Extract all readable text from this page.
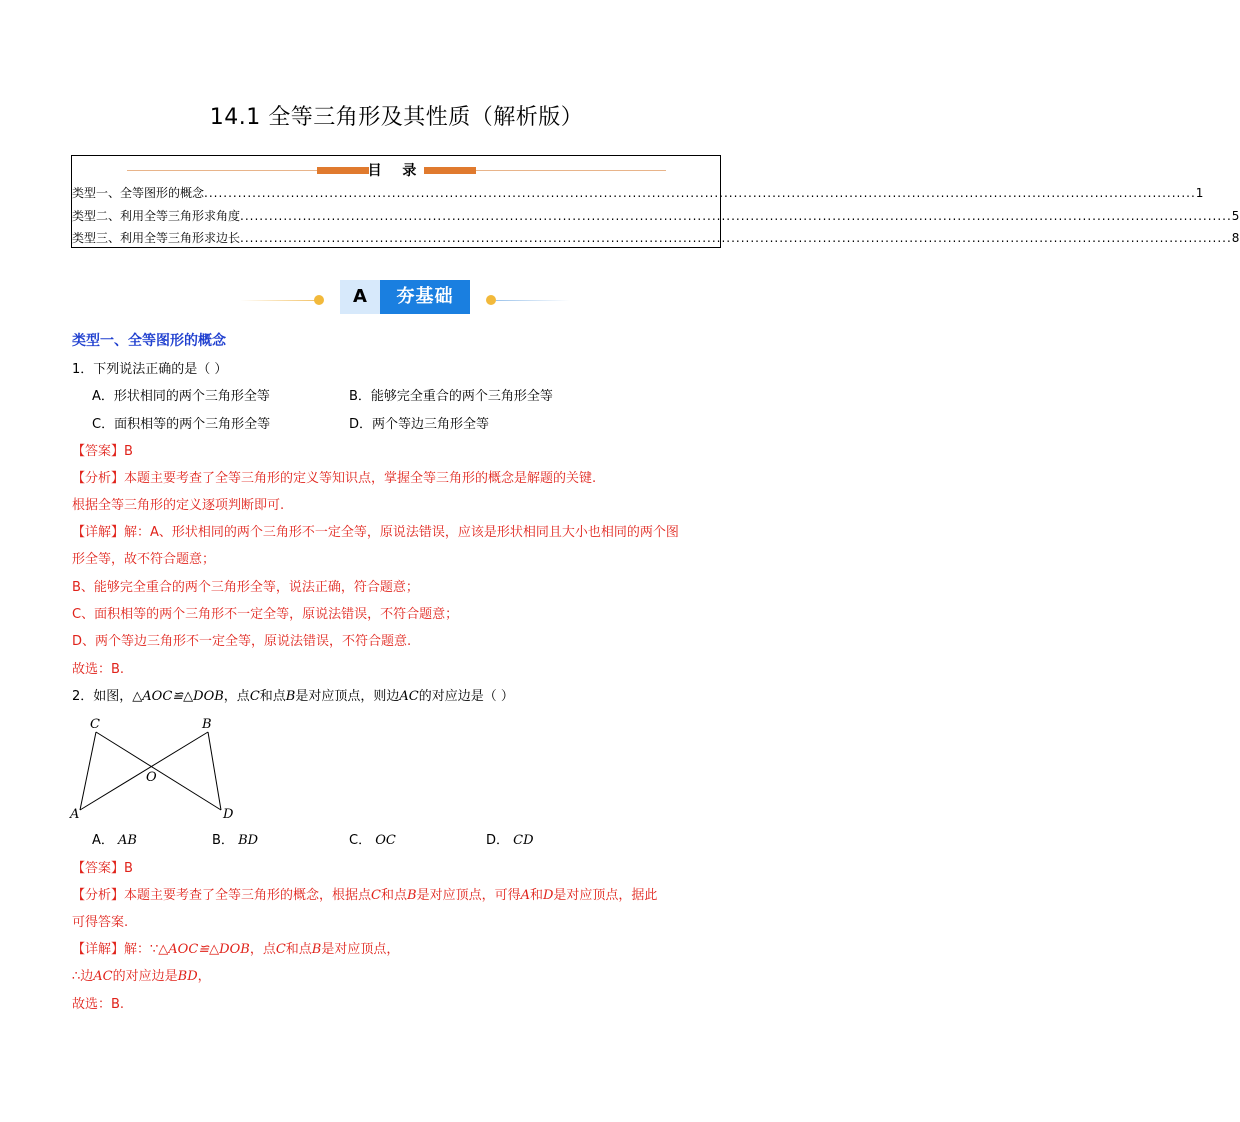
14.1 全等三角形及其性质（解析版）
目 录
类型一、全等图形的概念 .............................................................................................................................................................................................................. 1
类型二、利用全等三角形求角度 .............................................................................................................................................................................................................. 5
类型三、利用全等三角形求边长 .............................................................................................................................................................................................................. 8
A	夯基础
类型一、全等图形的概念
1．下列说法正确的是（ ）
A．形状相同的两个三角形全等	B．能够完全重合的两个三角形全等
C．面积相等的两个三角形全等	D．两个等边三角形全等
【答案】B
【分析】本题主要考查了全等三角形的定义等知识点，掌握全等三角形的概念是解题的关键.
根据全等三角形的定义逐项判断即可.
【详解】解：A、形状相同的两个三角形不一定全等，原说法错误，应该是形状相同且大小也相同的两个图
形全等，故不符合题意；
B、能够完全重合的两个三角形全等，说法正确，符合题意；
C、面积相等的两个三角形不一定全等，原说法错误，不符合题意；
D、两个等边三角形不一定全等，原说法错误，不符合题意.
故选：B.
2．如图，△AOC≌△DOB，点C和点B是对应顶点，则边AC的对应边是（ ）
C	B
O
A	D
A． AB	B． BD	C． OC	D． CD
【答案】B
【分析】本题主要考查了全等三角形的概念，根据点C和点B是对应顶点，可得A和D是对应顶点，据此
可得答案.
【详解】解：∵△AOC≌△DOB，点C和点B是对应顶点，
∴边AC的对应边是BD，
故选：B.
